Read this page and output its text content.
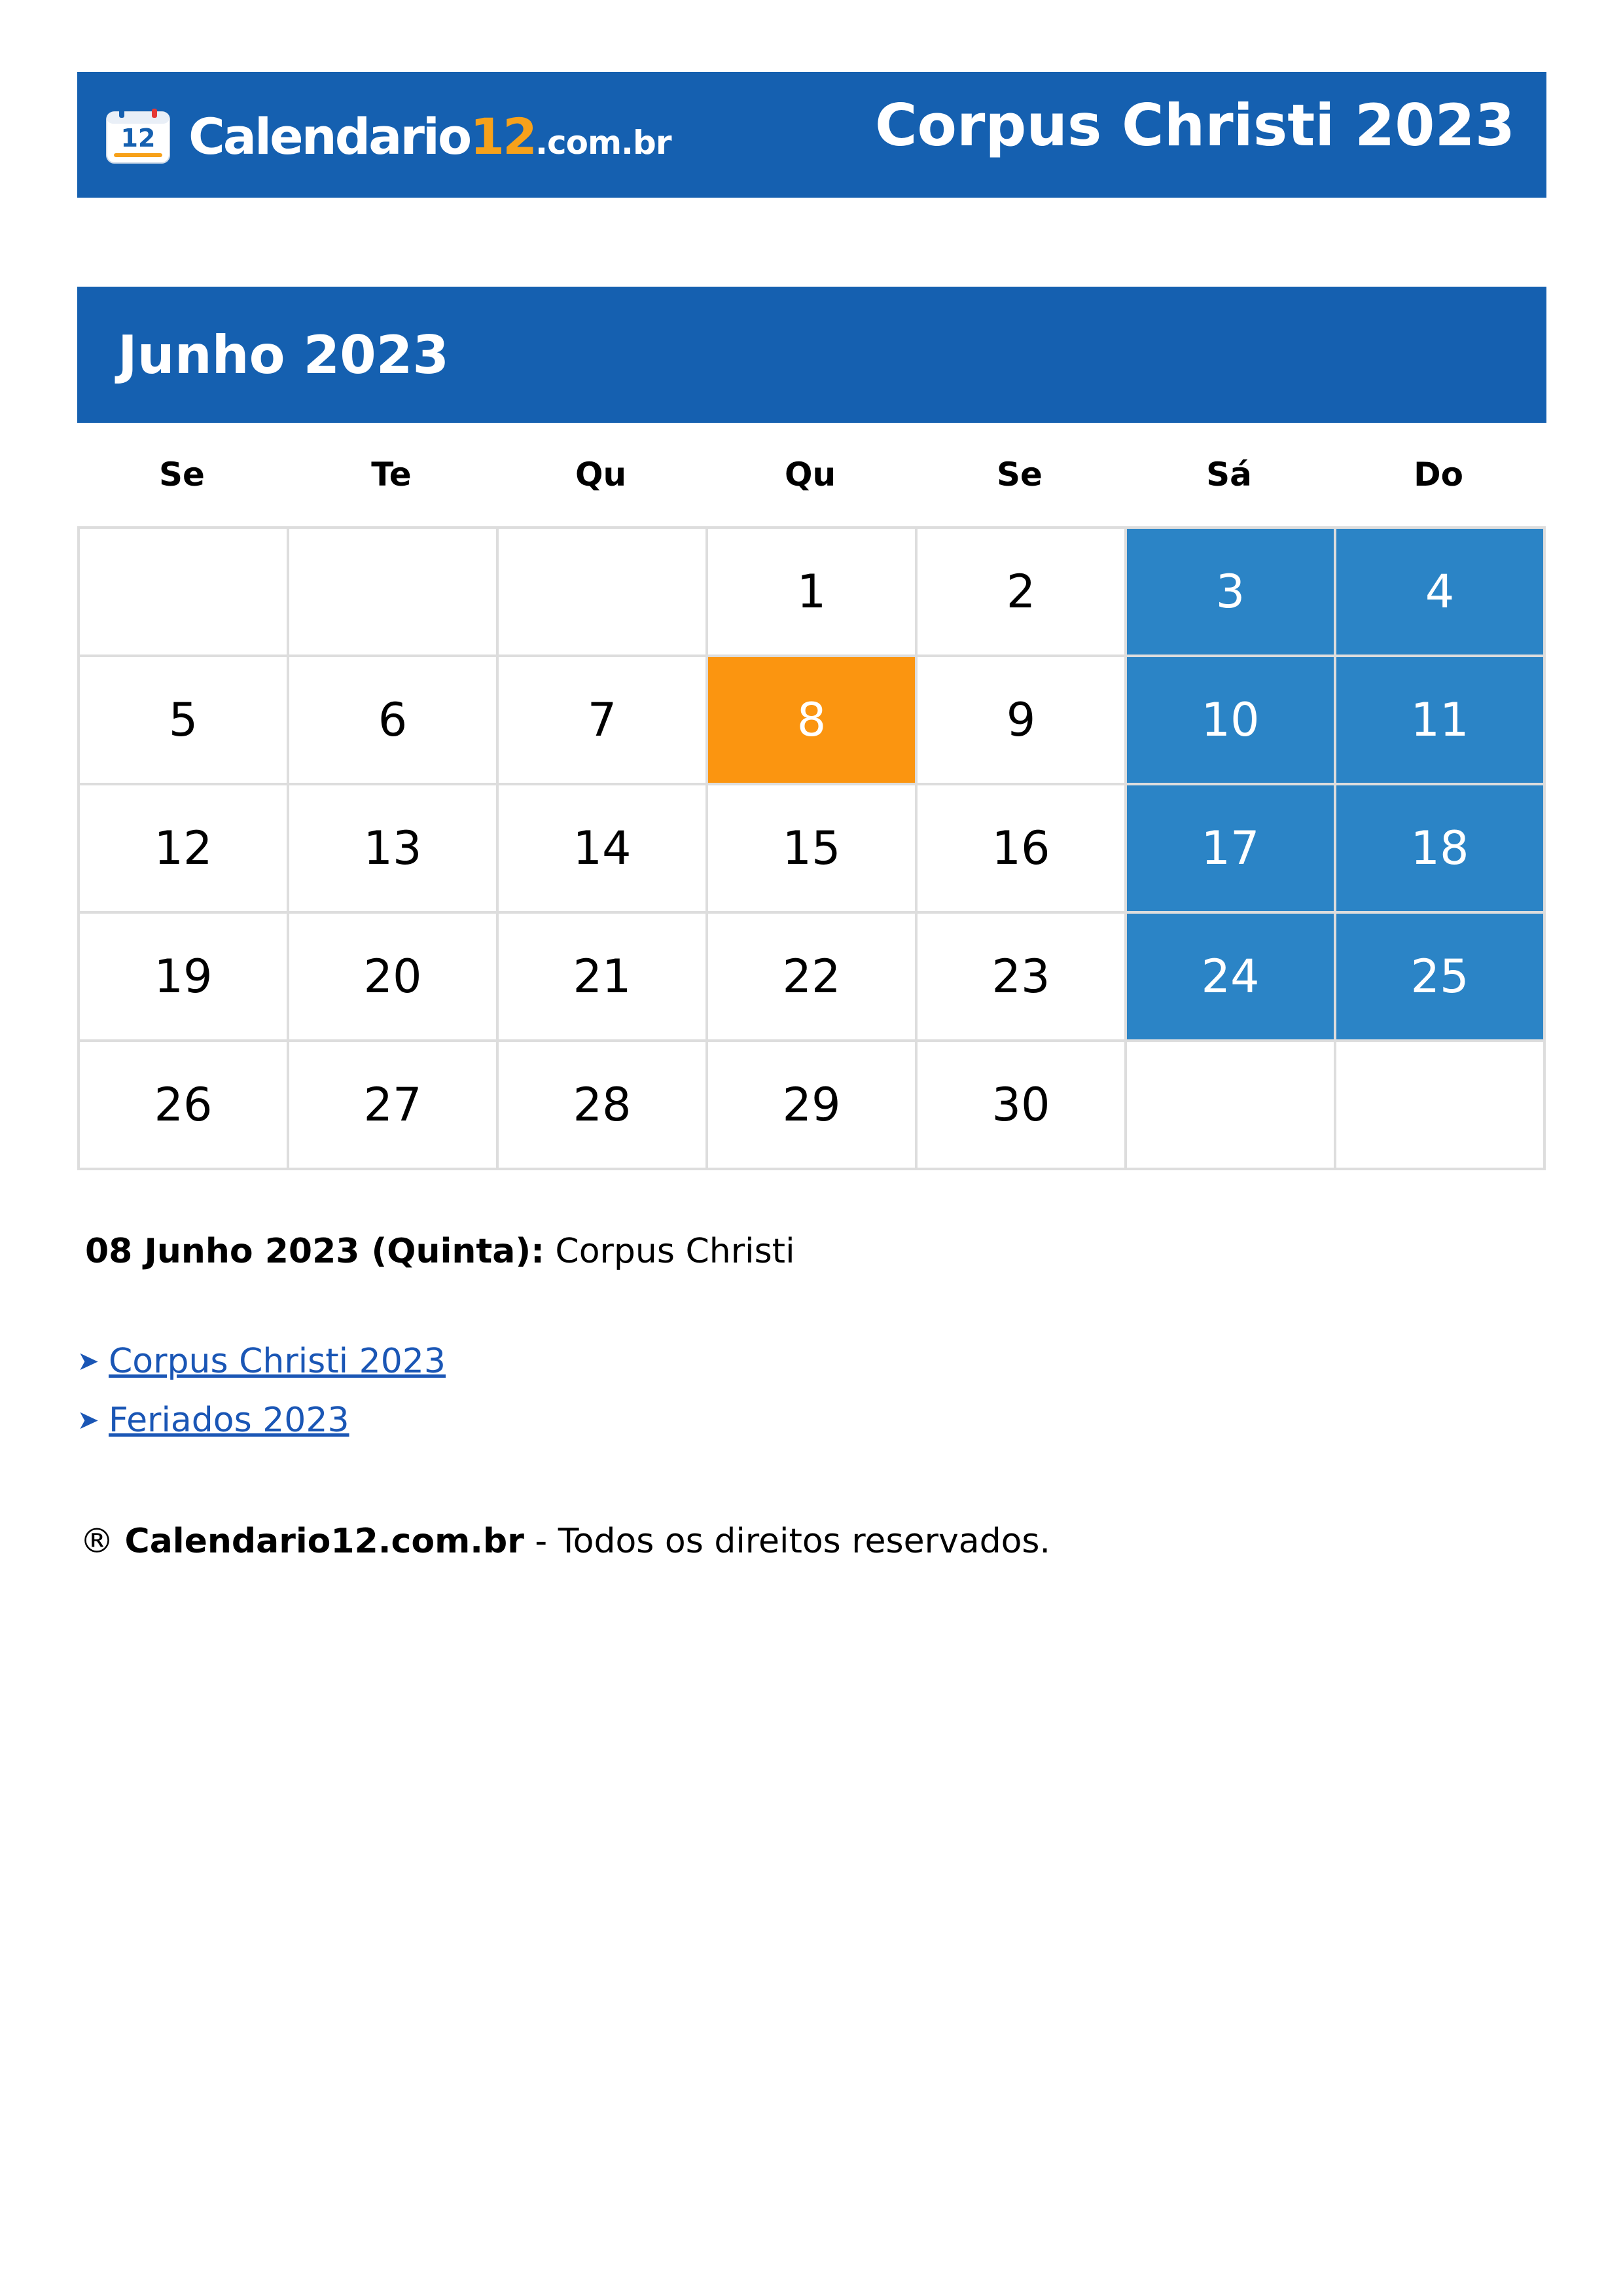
12 Calendario12.com.br	Corpus Christi 2023
Junho 2023
Se	Te	Qu	Qu	Se	Sá	Do
			1	2	3	4
5	6	7	8	9	10	11
12	13	14	15	16	17	18
19	20	21	22	23	24	25
26	27	28	29	30		
08 Junho 2023 (Quinta): Corpus Christi
➤ Corpus Christi 2023
➤ Feriados 2023
® Calendario12.com.br - Todos os direitos reservados.
